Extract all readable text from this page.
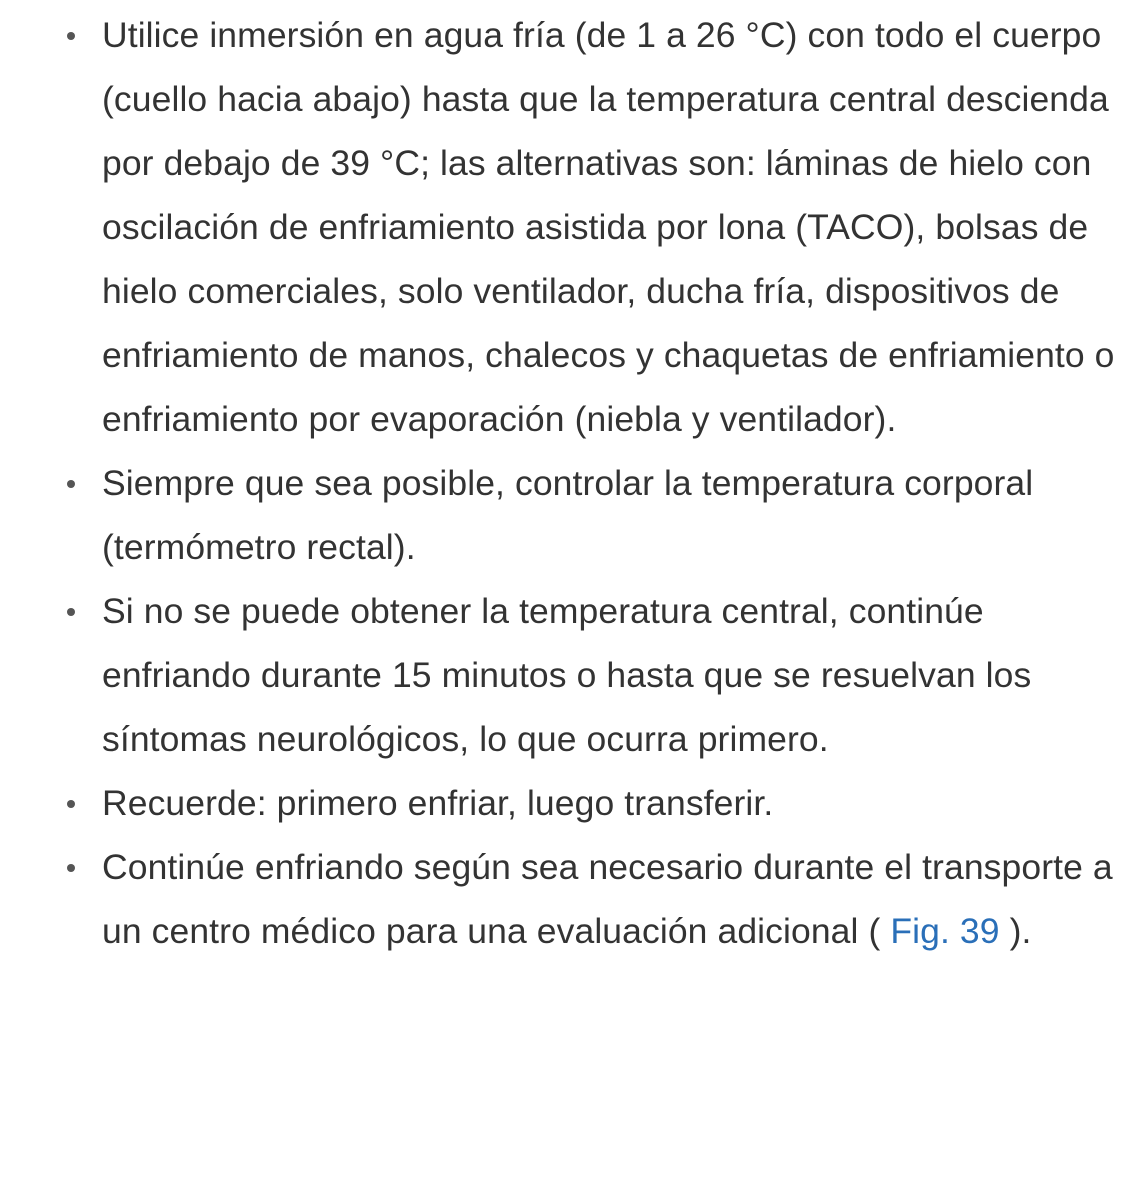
Utilice inmersión en agua fría (de 1 a 26 °C) con todo el cuerpo (cuello hacia abajo) hasta que la temperatura central descienda por debajo de 39 °C; las alternativas son: láminas de hielo con oscilación de enfriamiento asistida por lona (TACO), bolsas de hielo comerciales, solo ventilador, ducha fría, dispositivos de enfriamiento de manos, chalecos y chaquetas de enfriamiento o enfriamiento por evaporación (niebla y ventilador).
Siempre que sea posible, controlar la temperatura corporal (termómetro rectal).
Si no se puede obtener la temperatura central, continúe enfriando durante 15 minutos o hasta que se resuelvan los síntomas neurológicos, lo que ocurra primero.
Recuerde: primero enfriar, luego transferir.
Continúe enfriando según sea necesario durante el transporte a un centro médico para una evaluación adicional ( Fig. 39 ).
